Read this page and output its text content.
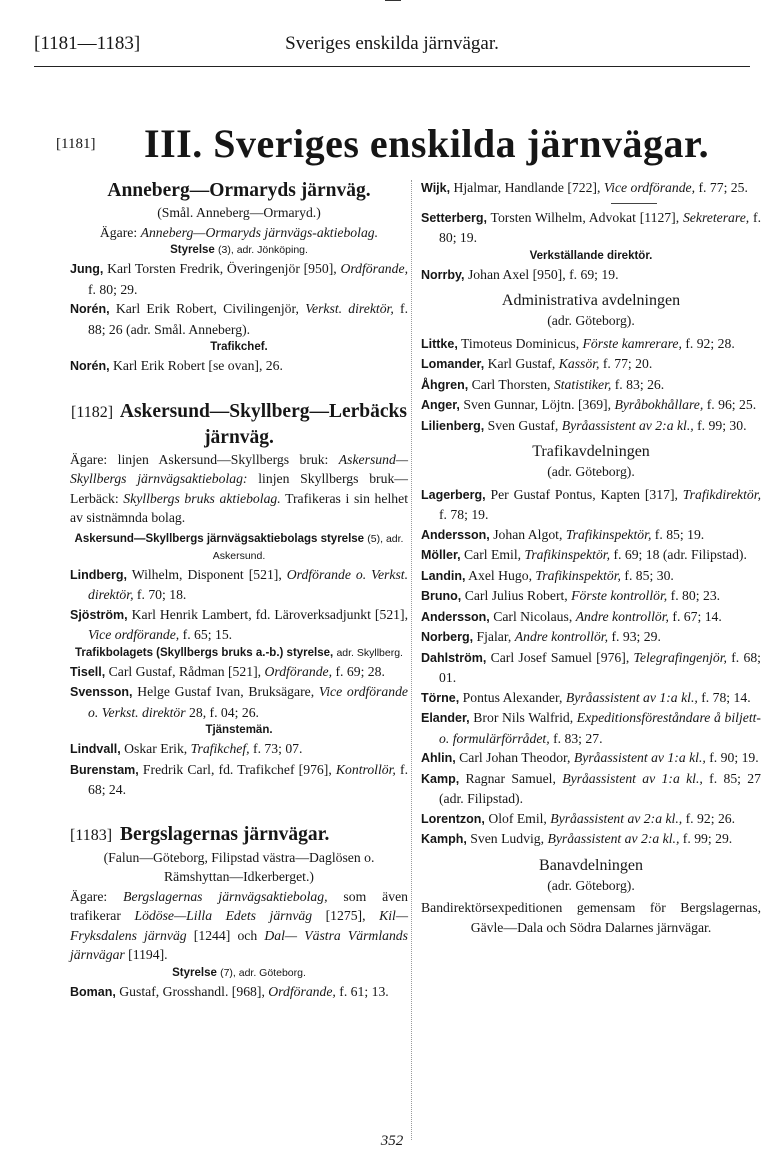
[1181—1183]	Sveriges enskilda järnvägar.
[1181] III. Sveriges enskilda järnvägar.
Anneberg—Ormaryds järnväg.
(Smål. Anneberg—Ormaryd.)
Ägare: Anneberg—Ormaryds järnvägs-aktiebolag.
Styrelse (3), adr. Jönköping.
Jung, Karl Torsten Fredrik, Överingenjör [950], Ordförande, f. 80; 29.
Norén, Karl Erik Robert, Civilingenjör, Verkst. direktör, f. 88; 26 (adr. Smål. Anneberg).
Trafikchef.
Norén, Karl Erik Robert [se ovan], 26.
[1182] Askersund—Skyllberg—Lerbäcks järnväg.
Ägare: linjen Askersund—Skyllbergs bruk: Askersund—Skyllbergs järnvägsaktiebolag: linjen Skyllbergs bruk—Lerbäck: Skyllbergs bruks aktiebolag. Trafikeras i sin helhet av sistnämnda bolag.
Askersund—Skyllbergs järnvägsaktiebolags styrelse (5), adr. Askersund.
Lindberg, Wilhelm, Disponent [521], Ordförande o. Verkst. direktör, f. 70; 18.
Sjöström, Karl Henrik Lambert, fd. Läroverksadjunkt [521], Vice ordförande, f. 65; 15.
Trafikbolagets (Skyllbergs bruks a.-b.) styrelse, adr. Skyllberg.
Tisell, Carl Gustaf, Rådman [521], Ordförande, f. 69; 28.
Svensson, Helge Gustaf Ivan, Bruksägare, Vice ordförande o. Verkst. direktör 28, f. 04; 26.
Tjänstemän.
Lindvall, Oskar Erik, Trafikchef, f. 73; 07.
Burenstam, Fredrik Carl, fd. Trafikchef [976], Kontrollör, f. 68; 24.
[1183] Bergslagernas järnvägar.
(Falun—Göteborg, Filipstad västra—Daglösen o. Rämshyttan—Idkerberget.)
Ägare: Bergslagernas järnvägsaktiebolag, som även trafikerar Lödöse—Lilla Edets järnväg [1275], Kil—Fryksdalens järnväg [1244] och Dal— Västra Värmlands järnvägar [1194].
Styrelse (7), adr. Göteborg.
Boman, Gustaf, Grosshandl. [968], Ordförande, f. 61; 13.
Wijk, Hjalmar, Handlande [722], Vice ordförande, f. 77; 25.
Setterberg, Torsten Wilhelm, Advokat [1127], Sekreterare, f. 80; 19.
Verkställande direktör.
Norrby, Johan Axel [950], f. 69; 19.
Administrativa avdelningen
(adr. Göteborg).
Littke, Timoteus Dominicus, Förste kamrerare, f. 92; 28.
Lomander, Karl Gustaf, Kassör, f. 77; 20.
Åhgren, Carl Thorsten, Statistiker, f. 83; 26.
Anger, Sven Gunnar, Löjtn. [369], Byråbokhållare, f. 96; 25.
Lilienberg, Sven Gustaf, Byråassistent av 2:a kl., f. 99; 30.
Trafikavdelningen
(adr. Göteborg).
Lagerberg, Per Gustaf Pontus, Kapten [317], Trafikdirektör, f. 78; 19.
Andersson, Johan Algot, Trafikinspektör, f. 85; 19.
Möller, Carl Emil, Trafikinspektör, f. 69; 18 (adr. Filipstad).
Landin, Axel Hugo, Trafikinspektör, f. 85; 30.
Bruno, Carl Julius Robert, Förste kontrollör, f. 80; 23.
Andersson, Carl Nicolaus, Andre kontrollör, f. 67; 14.
Norberg, Fjalar, Andre kontrollör, f. 93; 29.
Dahlström, Carl Josef Samuel [976], Telegrafingenjör, f. 68; 01.
Törne, Pontus Alexander, Byråassistent av 1:a kl., f. 78; 14.
Elander, Bror Nils Walfrid, Expeditionsföreståndare å biljett- o. formulärförrådet, f. 83; 27.
Ahlin, Carl Johan Theodor, Byråassistent av 1:a kl., f. 90; 19.
Kamp, Ragnar Samuel, Byråassistent av 1:a kl., f. 85; 27 (adr. Filipstad).
Lorentzon, Olof Emil, Byråassistent av 2:a kl., f. 92; 26.
Kamph, Sven Ludvig, Byråassistent av 2:a kl., f. 99; 29.
Banavdelningen
(adr. Göteborg).
Bandirektörsexpeditionen gemensam för Bergslagernas, Gävle—Dala och Södra Dalarnes järnvägar.
352
